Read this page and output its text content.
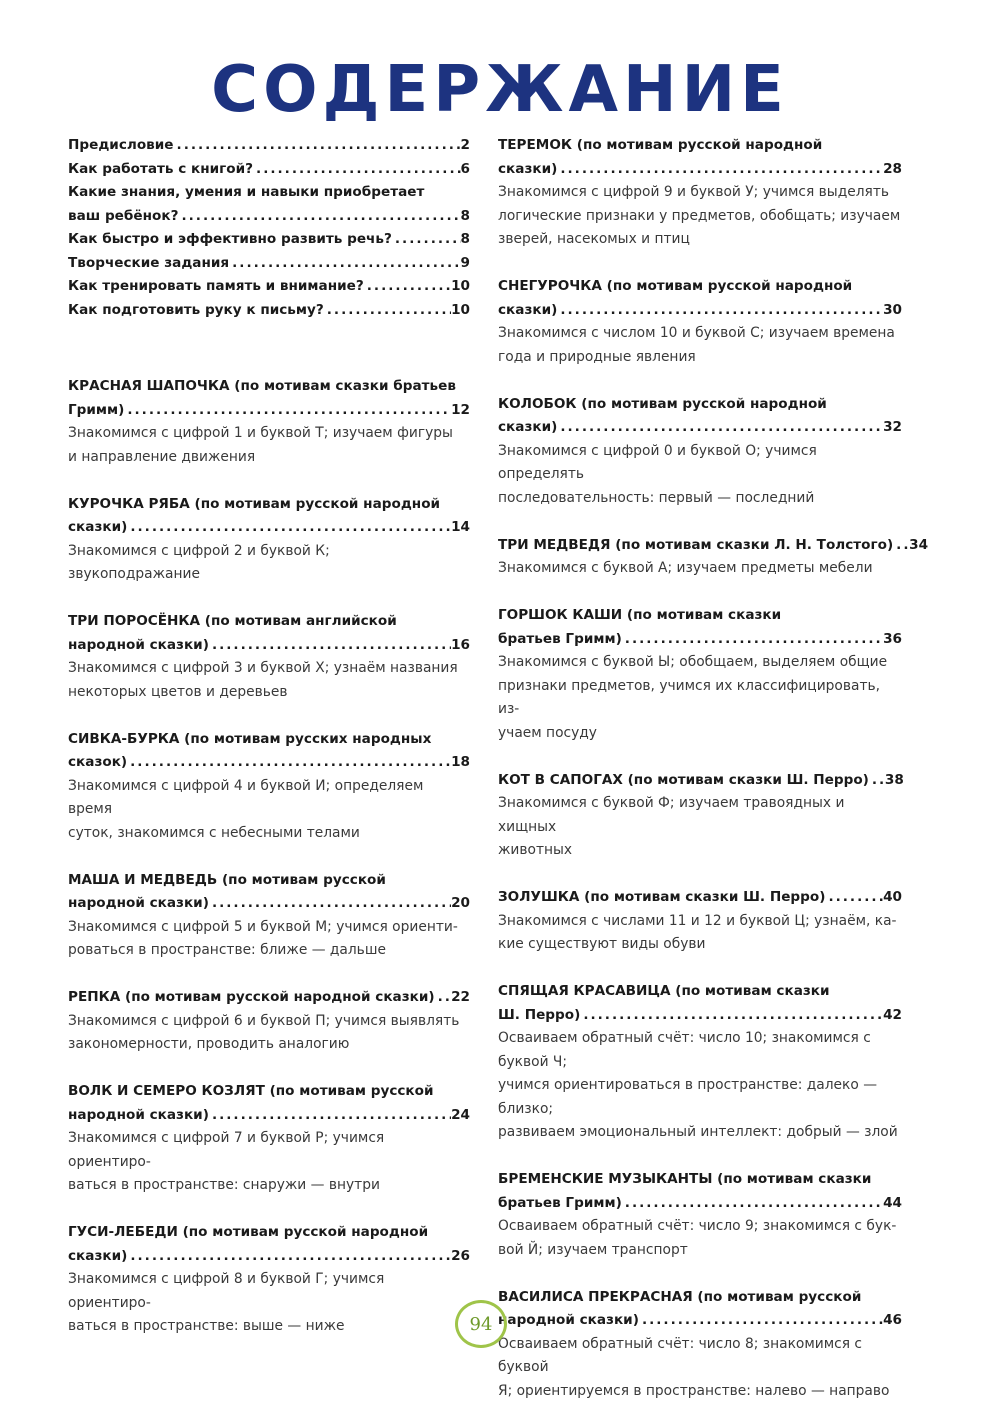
СОДЕРЖАНИЕ
Предисловие .....	2
Как работать с книгой? .....	6
Какие знания, умения и навыки приобретает
ваш ребёнок? .....	8
Как быстро и эффективно развить речь? .....	8
Творческие задания .....	9
Как тренировать память и внимание? .....	10
Как подготовить руку к письму? .....	10
КРАСНАЯ ШАПОЧКА (по мотивам сказки братьев
Гримм) .....	12
Знакомимся с цифрой 1 и буквой Т; изучаем фигуры
и направление движения
КУРОЧКА РЯБА (по мотивам русской народной
сказки) .....	14
Знакомимся с цифрой 2 и буквой К;
звукоподражание
ТРИ ПОРОСЁНКА (по мотивам английской
народной сказки) .....	16
Знакомимся с цифрой 3 и буквой Х; узнаём названия
некоторых цветов и деревьев
СИВКА-БУРКА (по мотивам русских народных
сказок) .....	18
Знакомимся с цифрой 4 и буквой И; определяем время
суток, знакомимся с небесными телами
МАША И МЕДВЕДЬ (по мотивам русской
народной сказки) .....	20
Знакомимся с цифрой 5 и буквой М; учимся ориенти-
роваться в пространстве: ближе — дальше
РЕПКА (по мотивам русской народной сказки) ..... 22
Знакомимся с цифрой 6 и буквой П; учимся выявлять
закономерности, проводить аналогию
ВОЛК И СЕМЕРО КОЗЛЯТ (по мотивам русской
народной сказки) .....	24
Знакомимся с цифрой 7 и буквой Р; учимся ориентиро-
ваться в пространстве: снаружи — внутри
ГУСИ-ЛЕБЕДИ (по мотивам русской народной
сказки) .....	26
Знакомимся с цифрой 8 и буквой Г; учимся ориентиро-
ваться в пространстве: выше — ниже
ТЕРЕМОК (по мотивам русской народной
сказки) .....	28
Знакомимся с цифрой 9 и буквой У; учимся выделять
логические признаки у предметов, обобщать; изучаем
зверей, насекомых и птиц
СНЕГУРОЧКА (по мотивам русской народной
сказки) .....	30
Знакомимся с числом 10 и буквой С; изучаем времена
года и природные явления
КОЛОБОК (по мотивам русской народной
сказки) .....	32
Знакомимся с цифрой 0 и буквой О; учимся определять
последовательность: первый — последний
ТРИ МЕДВЕДЯ (по мотивам сказки Л. Н. Толстого) ..... 34
Знакомимся с буквой А; изучаем предметы мебели
ГОРШОК КАШИ (по мотивам сказки
братьев Гримм) .....	36
Знакомимся с буквой Ы; обобщаем, выделяем общие
признаки предметов, учимся их классифицировать, из-
учаем посуду
КОТ В САПОГАХ (по мотивам сказки Ш. Перро) ..... 38
Знакомимся с буквой Ф; изучаем травоядных и хищных
животных
ЗОЛУШКА (по мотивам сказки Ш. Перро) .....	40
Знакомимся с числами 11 и 12 и буквой Ц; узнаём, ка-
кие существуют виды обуви
СПЯЩАЯ КРАСАВИЦА (по мотивам сказки
Ш. Перро) .....	42
Осваиваем обратный счёт: число 10; знакомимся с буквой Ч;
учимся ориентироваться в пространстве: далеко — близко;
развиваем эмоциональный интеллект: добрый — злой
БРЕМЕНСКИЕ МУЗЫКАНТЫ (по мотивам сказки
братьев Гримм) .....	44
Осваиваем обратный счёт: число 9; знакомимся с бук-
вой Й; изучаем транспорт
ВАСИЛИСА ПРЕКРАСНАЯ (по мотивам русской
народной сказки) .....	46
Осваиваем обратный счёт: число 8; знакомимся с буквой
Я; ориентируемся в пространстве: налево — направо
94
